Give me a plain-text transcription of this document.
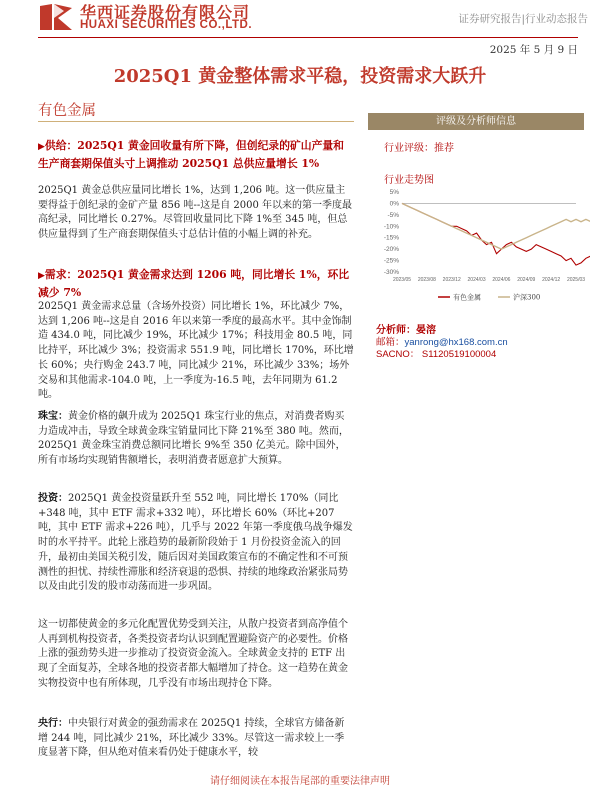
华西证券股份有限公司
HUAXI SECURITIES CO.,LTD.	证券研究报告|行业动态报告
2025 年 5 月 9 日
2025Q1 黄金整体需求平稳，投资需求大跃升
有色金属
评级及分析师信息
行业评级：推荐
行业走势图
5%
0%
-5%
-10%
-15%
-20%
-25%
-30%
2023/05 2023/08 2023/12 2024/03 2024/06 2024/09 2024/12 2025/03
有色金属	沪深300
分析师：晏溶
邮箱：yanrong@hx168.com.cn
SACNO： S1120519100004

▶供给：2025Q1 黄金回收量有所下降，但创纪录的矿山产量和生产商套期保值头寸上调推动 2025Q1 总供应量增长 1%

2025Q1 黄金总供应量同比增长 1%，达到 1,206 吨。这一供应量主要得益于创纪录的金矿产量 856 吨--这是自 2000 年以来的第一季度最高纪录，同比增长 0.27%。尽管回收量同比下降 1%至 345 吨，但总供应量得到了生产商套期保值头寸总估计值的小幅上调的补充。

▶需求：2025Q1 黄金需求达到 1206 吨，同比增长 1%，环比减少 7%

2025Q1 黄金需求总量（含场外投资）同比增长 1%，环比减少 7%，达到 1,206 吨--这是自 2016 年以来第一季度的最高水平。其中金饰制造 434.0 吨，同比减少 19%，环比减少 17%；科技用金 80.5 吨，同比持平，环比减少 3%；投资需求 551.9 吨，同比增长 170%，环比增长 60%；央行购金 243.7 吨，同比减少 21%，环比减少 33%；场外交易和其他需求-104.0 吨，上一季度为-16.5 吨，去年同期为 61.2 吨。

珠宝：黄金价格的飙升成为 2025Q1 珠宝行业的焦点，对消费者购买力造成冲击，导致全球黄金珠宝销量同比下降 21%至 380 吨。然而，2025Q1 黄金珠宝消费总额同比增长 9%至 350 亿美元。除中国外，所有市场均实现销售额增长，表明消费者愿意扩大预算。

投资：2025Q1 黄金投资量跃升至 552 吨，同比增长 170%（同比+348 吨，其中 ETF 需求+332 吨），环比增长 60%（环比+207 吨，其中 ETF 需求+226 吨），几乎与 2022 年第一季度俄乌战争爆发时的水平持平。此轮上涨趋势的最新阶段始于 1 月份投资金流入的回升，最初由美国关税引发，随后因对美国政策宣布的不确定性和不可预测性的担忧、持续性滞胀和经济衰退的恐惧、持续的地缘政治紧张局势以及由此引发的股市动荡而进一步巩固。

这一切都使黄金的多元化配置优势受到关注，从散户投资者到高净值个人再到机构投资者，各类投资者均认识到配置避险资产的必要性。价格上涨的强劲势头进一步推动了投资资金流入。全球黄金支持的 ETF 出现了全面复苏，全球各地的投资者都大幅增加了持仓。这一趋势在黄金实物投资中也有所体现，几乎没有市场出现持仓下降。

央行：中央银行对黄金的强劲需求在 2025Q1 持续，全球官方储备新增 244 吨，同比减少 21%，环比减少 33%。尽管这一需求较上一季度显著下降，但从绝对值来看仍处于健康水平，较

请仔细阅读在本报告尾部的重要法律声明
